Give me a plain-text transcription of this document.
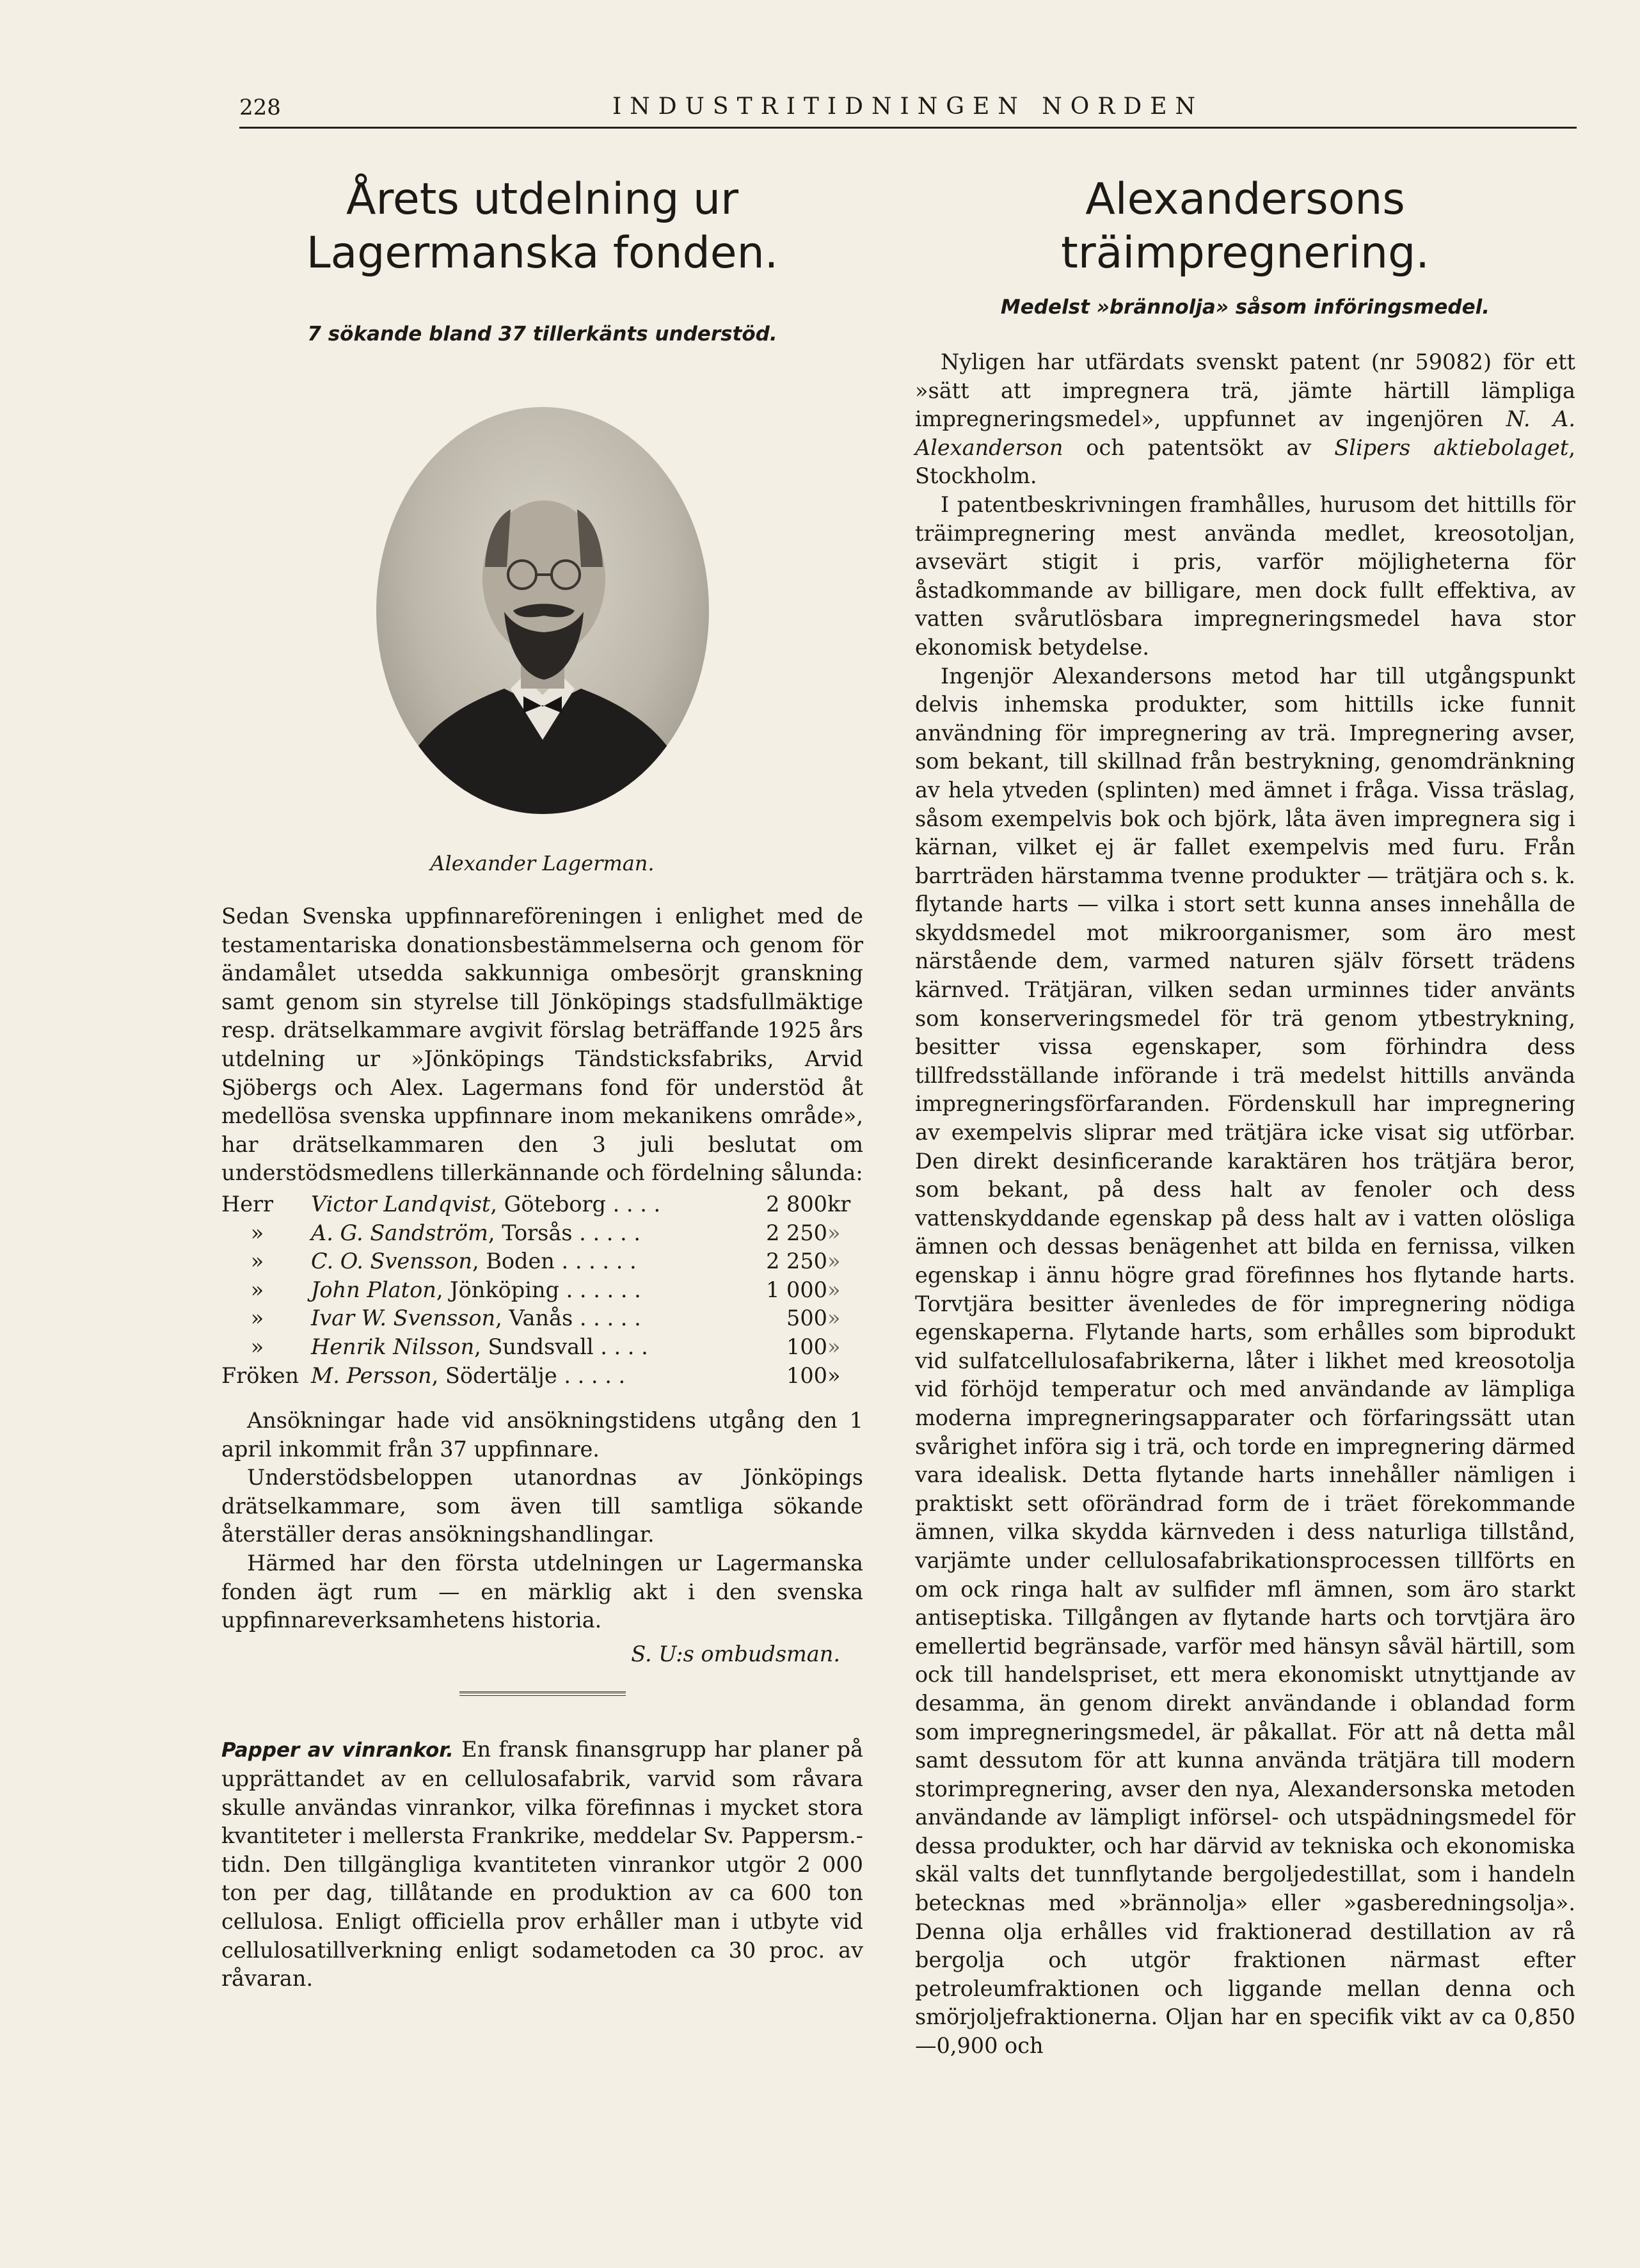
228	INDUSTRITIDNINGEN NORDEN
Årets utdelning ur Lagermanska fonden.
7 sökande bland 37 tillerkänts understöd.
Alexander Lagerman.

Sedan Svenska uppfinnareföreningen i enlighet med de testamentariska donationsbestämmelserna och genom för ändamålet utsedda sakkunniga ombesörjt granskning samt genom sin styrelse till Jönköpings stadsfullmäktige resp. drätselkammare avgivit förslag beträffande 1925 års utdelning ur »Jönköpings Tändsticksfabriks, Arvid Sjöbergs och Alex. Lagermans fond för understöd åt medellösa svenska uppfinnare inom mekanikens område», har drätselkammaren den 3 juli beslutat om understödsmedlens tillerkännande och fördelning sålunda:

Herr	Victor Landqvist, Göteborg . . . .	2 800	kr
»	A. G. Sandström, Torsås . . . . .	2 250	»
»	C. O. Svensson, Boden . . . . . .	2 250	»
»	John Platon, Jönköping . . . . . .	1 000	»
»	Ivar W. Svensson, Vanås . . . . .	500	»
»	Henrik Nilsson, Sundsvall . . . .	100	»
Fröken	M. Persson, Södertälje . . . . .	100	»

Ansökningar hade vid ansökningstidens utgång den 1 april inkommit från 37 uppfinnare.

Understödsbeloppen utanordnas av Jönköpings drätselkammare, som även till samtliga sökande återställer deras ansökningshandlingar.

Härmed har den första utdelningen ur Lagermanska fonden ägt rum — en märklig akt i den svenska uppfinnareverksamhetens historia.

S. U:s ombudsman.

Papper av vinrankor. En fransk finansgrupp har planer på upprättandet av en cellulosafabrik, varvid som råvara skulle användas vinrankor, vilka förefinnas i mycket stora kvantiteter i mellersta Frankrike, meddelar Sv. Pappersm.-tidn. Den tillgängliga kvantiteten vinrankor utgör 2 000 ton per dag, tillåtande en produktion av ca 600 ton cellulosa. Enligt officiella prov erhåller man i utbyte vid cellulosatillverkning enligt sodametoden ca 30 proc. av råvaran.

Alexandersons träimpregnering.
Medelst »brännolja» såsom införingsmedel.

Nyligen har utfärdats svenskt patent (nr 59082) för ett »sätt att impregnera trä, jämte härtill lämpliga impregneringsmedel», uppfunnet av ingenjören N. A. Alexanderson och patentsökt av Slipers aktiebolaget, Stockholm.

I patentbeskrivningen framhålles, hurusom det hittills för träimpregnering mest använda medlet, kreosotoljan, avsevärt stigit i pris, varför möjligheterna för åstadkommande av billigare, men dock fullt effektiva, av vatten svårutlösbara impregneringsmedel hava stor ekonomisk betydelse.

Ingenjör Alexandersons metod har till utgångspunkt delvis inhemska produkter, som hittills icke funnit användning för impregnering av trä. Impregnering avser, som bekant, till skillnad från bestrykning, genomdränkning av hela ytveden (splinten) med ämnet i fråga. Vissa träslag, såsom exempelvis bok och björk, låta även impregnera sig i kärnan, vilket ej är fallet exempelvis med furu. Från barrträden härstamma tvenne produkter — trätjära och s. k. flytande harts — vilka i stort sett kunna anses innehålla de skyddsmedel mot mikroorganismer, som äro mest närstående dem, varmed naturen själv försett trädens kärnved. Trätjäran, vilken sedan urminnes tider använts som konserveringsmedel för trä genom ytbestrykning, besitter vissa egenskaper, som förhindra dess tillfredsställande införande i trä medelst hittills använda impregneringsförfaranden. Fördenskull har impregnering av exempelvis sliprar med trätjära icke visat sig utförbar. Den direkt desinficerande karaktären hos trätjära beror, som bekant, på dess halt av fenoler och dess vattenskyddande egenskap på dess halt av i vatten olösliga ämnen och dessas benägenhet att bilda en fernissa, vilken egenskap i ännu högre grad förefinnes hos flytande harts. Torvtjära besitter ävenledes de för impregnering nödiga egenskaperna. Flytande harts, som erhålles som biprodukt vid sulfatcellulosafabrikerna, låter i likhet med kreosotolja vid förhöjd temperatur och med användande av lämpliga moderna impregneringsapparater och förfaringssätt utan svårighet införa sig i trä, och torde en impregnering därmed vara idealisk. Detta flytande harts innehåller nämligen i praktiskt sett oförändrad form de i träet förekommande ämnen, vilka skydda kärnveden i dess naturliga tillstånd, varjämte under cellulosafabrikationsprocessen tillförts en om ock ringa halt av sulfider mfl ämnen, som äro starkt antiseptiska. Tillgången av flytande harts och torvtjära äro emellertid begränsade, varför med hänsyn såväl härtill, som ock till handelspriset, ett mera ekonomiskt utnyttjande av desamma, än genom direkt användande i oblandad form som impregneringsmedel, är påkallat. För att nå detta mål samt dessutom för att kunna använda trätjära till modern storimpregnering, avser den nya, Alexandersonska metoden användande av lämpligt införsel- och utspädningsmedel för dessa produkter, och har därvid av tekniska och ekonomiska skäl valts det tunnflytande bergoljedestillat, som i handeln betecknas med »brännolja» eller »gasberedningsolja». Denna olja erhålles vid fraktionerad destillation av rå bergolja och utgör fraktionen närmast efter petroleumfraktionen och liggande mellan denna och smörjoljefraktionerna. Oljan har en specifik vikt av ca 0,850—0,900 och
